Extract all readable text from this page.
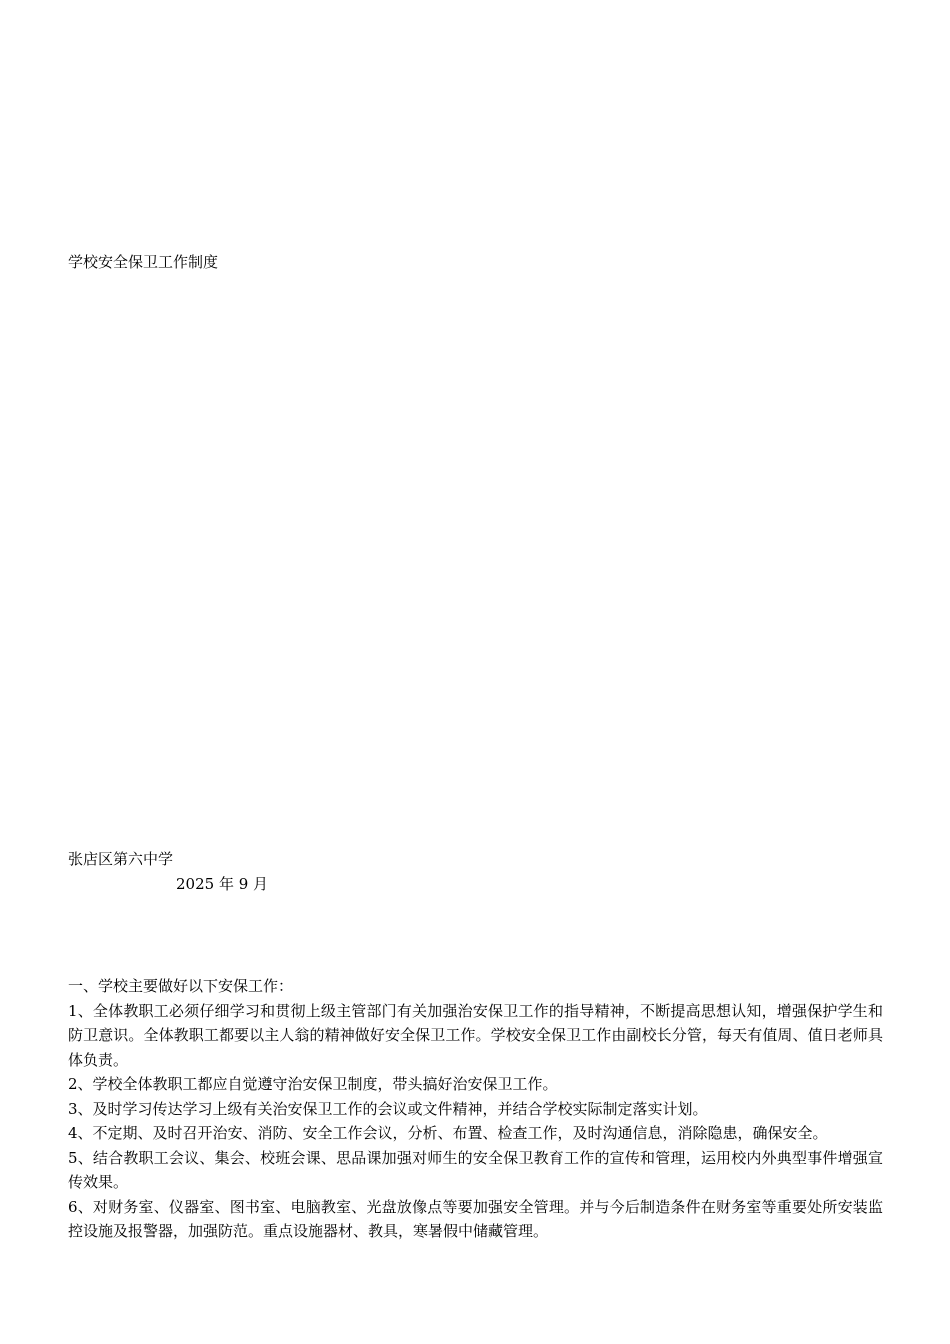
学校安全保卫工作制度
张店区第六中学
2025 年 9 月

一、学校主要做好以下安保工作：

1、全体教职工必须仔细学习和贯彻上级主管部门有关加强治安保卫工作的指导精神，不断提高思想认知，增强保护学生和防卫意识。全体教职工都要以主人翁的精神做好安全保卫工作。学校安全保卫工作由副校长分管，每天有值周、值日老师具体负责。

2、学校全体教职工都应自觉遵守治安保卫制度，带头搞好治安保卫工作。

3、及时学习传达学习上级有关治安保卫工作的会议或文件精神，并结合学校实际制定落实计划。

4、不定期、及时召开治安、消防、安全工作会议，分析、布置、检查工作，及时沟通信息，消除隐患，确保安全。

5、结合教职工会议、集会、校班会课、思品课加强对师生的安全保卫教育工作的宣传和管理，运用校内外典型事件增强宣传效果。

6、对财务室、仪器室、图书室、电脑教室、光盘放像点等要加强安全管理。并与今后制造条件在财务室等重要处所安装监控设施及报警器，加强防范。重点设施器材、教具，寒暑假中储藏管理。
